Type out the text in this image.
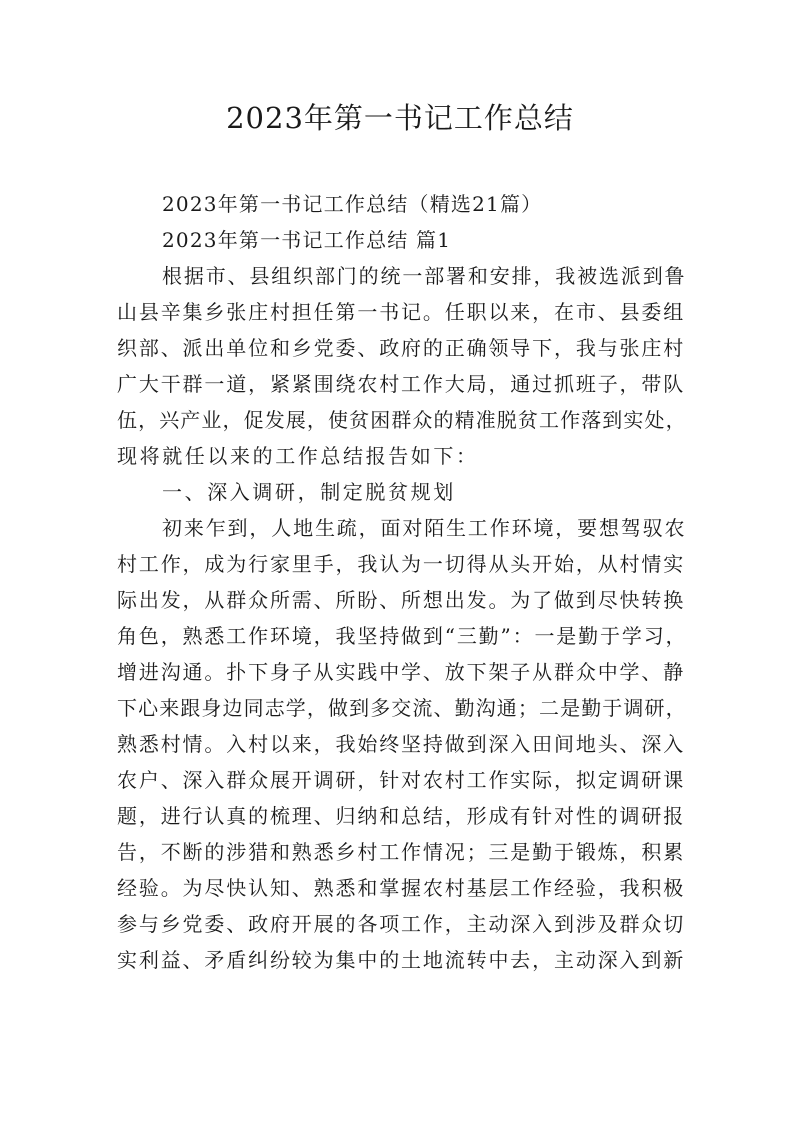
2023年第一书记工作总结
2023年第一书记工作总结（精选21篇）
2023年第一书记工作总结 篇1
根据市、县组织部门的统一部署和安排，我被选派到鲁
山县辛集乡张庄村担任第一书记。任职以来，在市、县委组
织部、派出单位和乡党委、政府的正确领导下，我与张庄村
广大干群一道，紧紧围绕农村工作大局，通过抓班子，带队
伍，兴产业，促发展，使贫困群众的精准脱贫工作落到实处，
现将就任以来的工作总结报告如下：
一、深入调研，制定脱贫规划
初来乍到，人地生疏，面对陌生工作环境，要想驾驭农
村工作，成为行家里手，我认为一切得从头开始，从村情实
际出发，从群众所需、所盼、所想出发。为了做到尽快转换
角色，熟悉工作环境，我坚持做到“三勤”：一是勤于学习，
增进沟通。扑下身子从实践中学、放下架子从群众中学、静
下心来跟身边同志学，做到多交流、勤沟通；二是勤于调研，
熟悉村情。入村以来，我始终坚持做到深入田间地头、深入
农户、深入群众展开调研，针对农村工作实际，拟定调研课
题，进行认真的梳理、归纳和总结，形成有针对性的调研报
告，不断的涉猎和熟悉乡村工作情况；三是勤于锻炼，积累
经验。为尽快认知、熟悉和掌握农村基层工作经验，我积极
参与乡党委、政府开展的各项工作，主动深入到涉及群众切
实利益、矛盾纠纷较为集中的土地流转中去，主动深入到新
